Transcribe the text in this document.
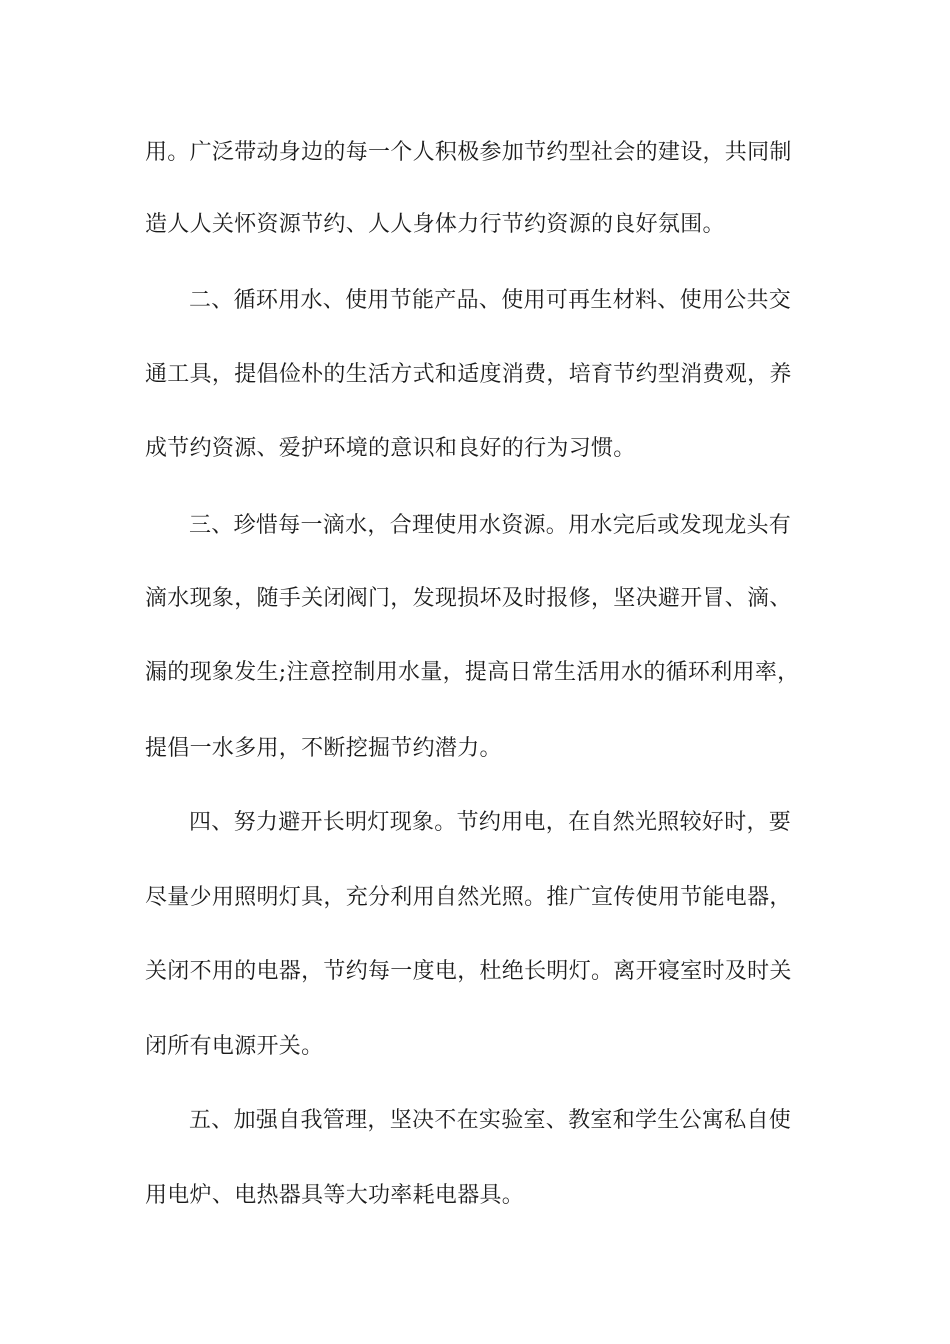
用。广泛带动身边的每一个人积极参加节约型社会的建设，共同制
造人人关怀资源节约、人人身体力行节约资源的良好氛围。
二、循环用水、使用节能产品、使用可再生材料、使用公共交
通工具，提倡俭朴的生活方式和适度消费，培育节约型消费观，养
成节约资源、爱护环境的意识和良好的行为习惯。
三、珍惜每一滴水，合理使用水资源。用水完后或发现龙头有
滴水现象，随手关闭阀门，发现损坏及时报修，坚决避开冒、滴、
漏的现象发生;注意控制用水量，提高日常生活用水的循环利用率，
提倡一水多用，不断挖掘节约潜力。
四、努力避开长明灯现象。节约用电，在自然光照较好时，要
尽量少用照明灯具，充分利用自然光照。推广宣传使用节能电器，
关闭不用的电器，节约每一度电，杜绝长明灯。离开寝室时及时关
闭所有电源开关。
五、加强自我管理，坚决不在实验室、教室和学生公寓私自使
用电炉、电热器具等大功率耗电器具。
